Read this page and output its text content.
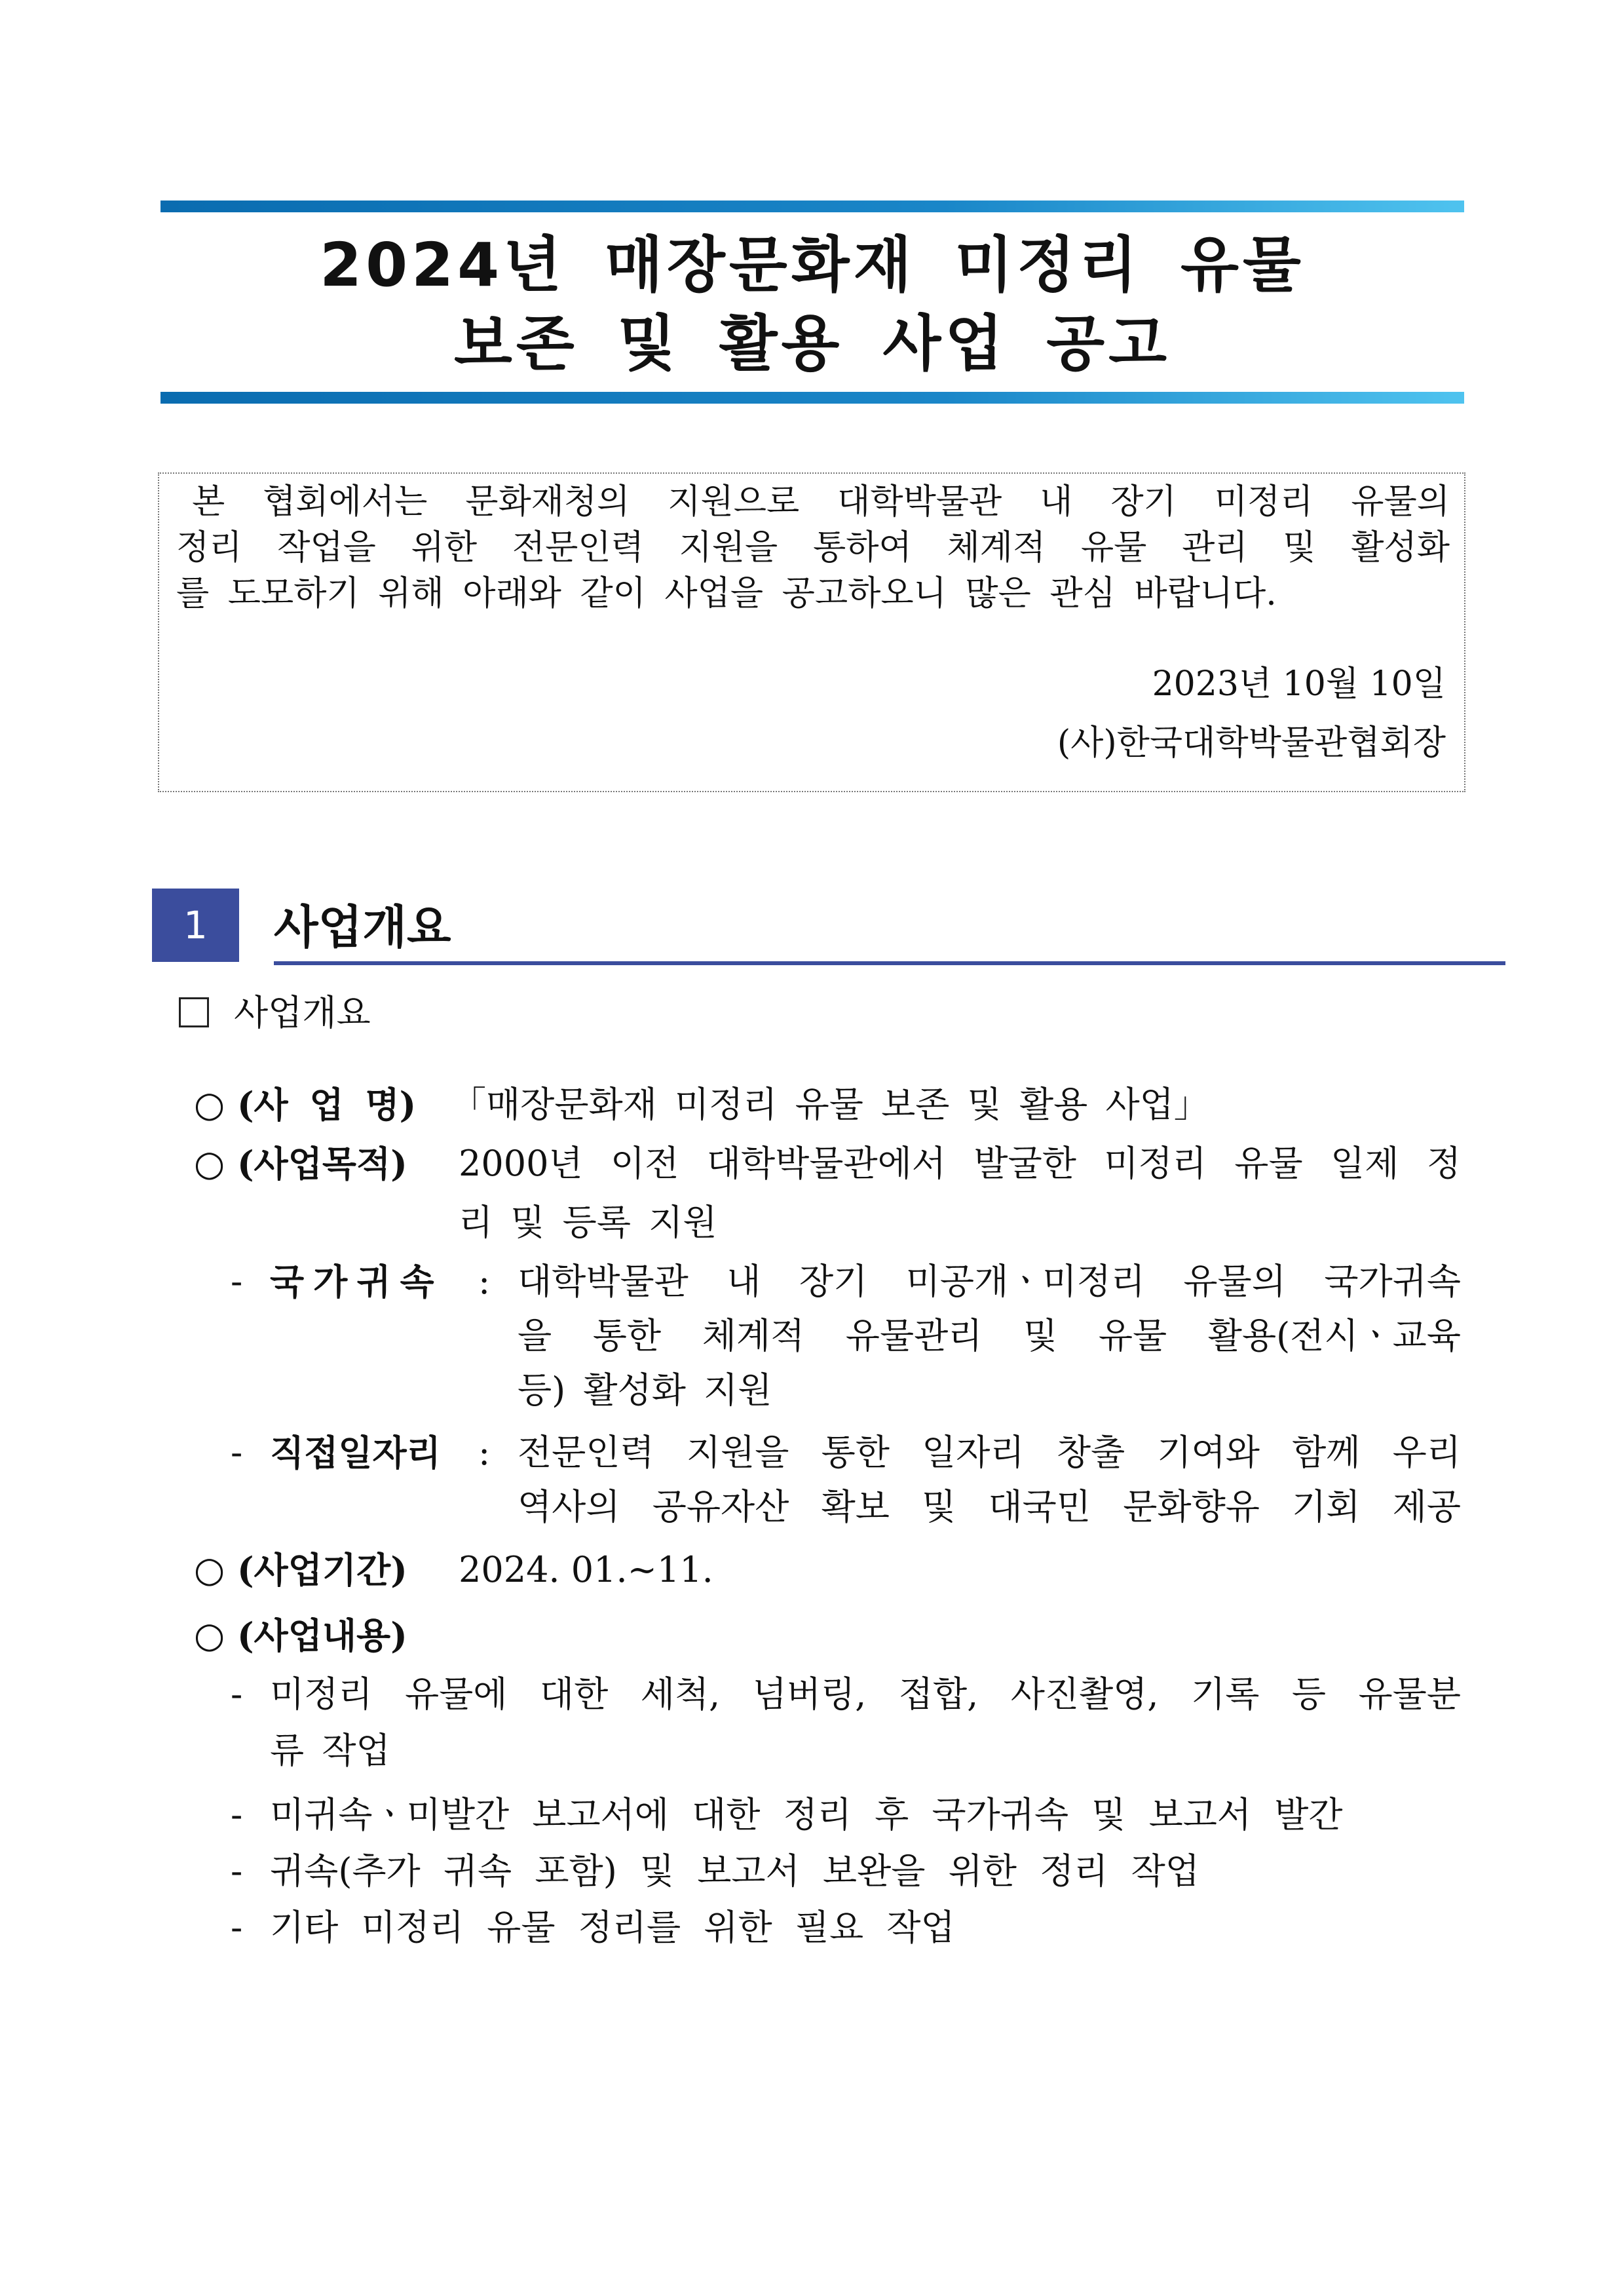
2024년 매장문화재 미정리 유물
보존 및 활용 사업 공고
본 협회에서는 문화재청의 지원으로 대학박물관 내 장기 미정리 유물의
정리 작업을 위한 전문인력 지원을 통하여 체계적 유물 관리 및 활성화
를 도모하기 위해 아래와 같이 사업을 공고하오니 많은 관심 바랍니다.
2023년 10월 10일
(사)한국대학박물관협회장
1	사업개요
사업개요
○ (사 업 명) 「매장문화재 미정리 유물 보존 및 활용 사업」
○ (사업목적) 2000년 이전 대학박물관에서 발굴한 미정리 유물 일제 정
리 및 등록 지원
- 국가귀속 : 대학박물관 내 장기 미공개ㆍ미정리 유물의 국가귀속
을 통한 체계적 유물관리 및 유물 활용(전시ㆍ교육
등) 활성화 지원
- 직접일자리 : 전문인력 지원을 통한 일자리 창출 기여와 함께 우리
역사의 공유자산 확보 및 대국민 문화향유 기회 제공
○ (사업기간) 2024. 01.~11.
○ (사업내용)
- 미정리 유물에 대한 세척, 넘버링, 접합, 사진촬영, 기록 등 유물분
류 작업
- 미귀속ㆍ미발간 보고서에 대한 정리 후 국가귀속 및 보고서 발간
- 귀속(추가 귀속 포함) 및 보고서 보완을 위한 정리 작업
- 기타 미정리 유물 정리를 위한 필요 작업
